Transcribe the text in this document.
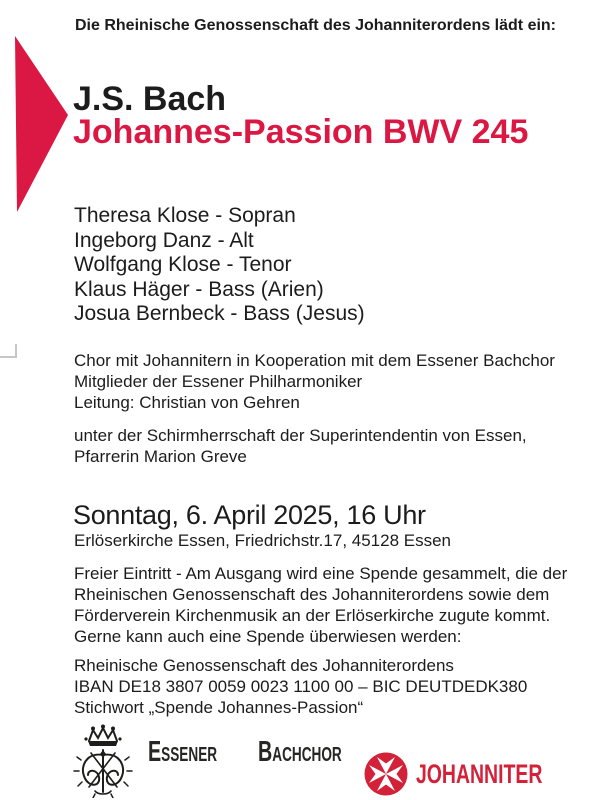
Die Rheinische Genossenschaft des Johanniterordens lädt ein:
J.S. Bach
Johannes-Passion BWV 245
Theresa Klose - Sopran
Ingeborg Danz - Alt
Wolfgang Klose - Tenor
Klaus Häger - Bass (Arien)
Josua Bernbeck - Bass (Jesus)
Chor mit Johannitern in Kooperation mit dem Essener Bachchor
Mitglieder der Essener Philharmoniker
Leitung: Christian von Gehren
unter der Schirmherrschaft der Superintendentin von Essen,
Pfarrerin Marion Greve
Sonntag, 6. April 2025, 16 Uhr
Erlöserkirche Essen, Friedrichstr.17, 45128 Essen
Freier Eintritt - Am Ausgang wird eine Spende gesammelt, die der
Rheinischen Genossenschaft des Johanniterordens sowie dem
Förderverein Kirchenmusik an der Erlöserkirche zugute kommt.
Gerne kann auch eine Spende überwiesen werden:
Rheinische Genossenschaft des Johanniterordens
IBAN DE18 3807 0059 0023 1100 00 – BIC DEUTDEDK380
Stichwort „Spende Johannes-Passion“
Essener Bachchor
JOHANNITER
